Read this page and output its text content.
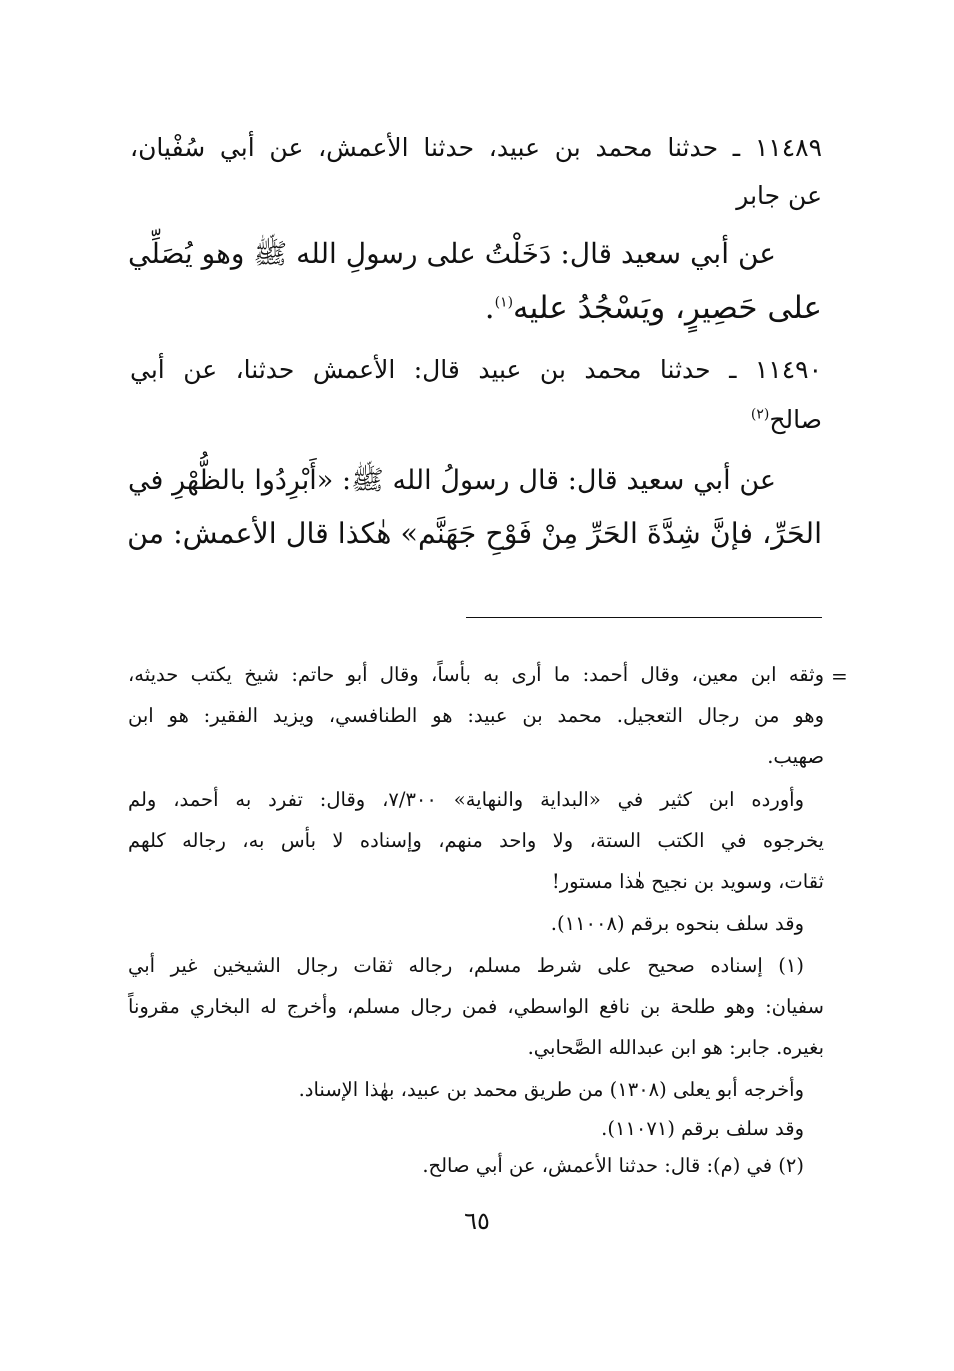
١١٤٨٩ ـ حدثنا محمد بن عبيد، حدثنا الأعمش، عن أبي سُفْيان،
عن جابر
عن أبي سعيد قال: دَخَلْتُ على رسولِ الله ﷺ وهو يُصَلِّي
على حَصِيرٍ، ويَسْجُدُ عليه$^{(١)}$.
١١٤٩٠ ـ حدثنا محمد بن عبيد قال: الأعمش حدثنا، عن أبي
صالح$^{(٢)}$
عن أبي سعيد قال: قال رسولُ الله ﷺ: «أَبْرِدُوا بالظُّهْرِ في
الحَرِّ، فإنَّ شِدَّةَ الحَرِّ مِنْ فَوْحِ جَهَنَّم» هٰكذا قال الأعمش: من
=
وثقه ابن معين، وقال أحمد: ما أرى به بأساً، وقال أبو حاتم: شيخ يكتب حديثه،
وهو من رجال التعجيل. محمد بن عبيد: هو الطنافسي، ويزيد الفقير: هو ابن
صهيب.
وأورده ابن كثير في «البداية والنهاية» ٧/٣٠٠، وقال: تفرد به أحمد، ولم
يخرجوه في الكتب الستة، ولا واحد منهم، وإسناده لا بأس به، رجاله كلهم
ثقات، وسويد بن نجيح هٰذا مستور!
وقد سلف بنحوه برقم (١١٠٠٨).
(١) إسناده صحيح على شرط مسلم، رجاله ثقات رجال الشيخين غير أبي
سفيان: وهو طلحة بن نافع الواسطي، فمن رجال مسلم، وأخرج له البخاري مقروناً
بغيره. جابر: هو ابن عبدالله الصَّحابي.
وأخرجه أبو يعلى (١٣٠٨) من طريق محمد بن عبيد، بهٰذا الإسناد.
وقد سلف برقم (١١٠٧١).
(٢) في (م): قال: حدثنا الأعمش، عن أبي صالح.
٦٥
